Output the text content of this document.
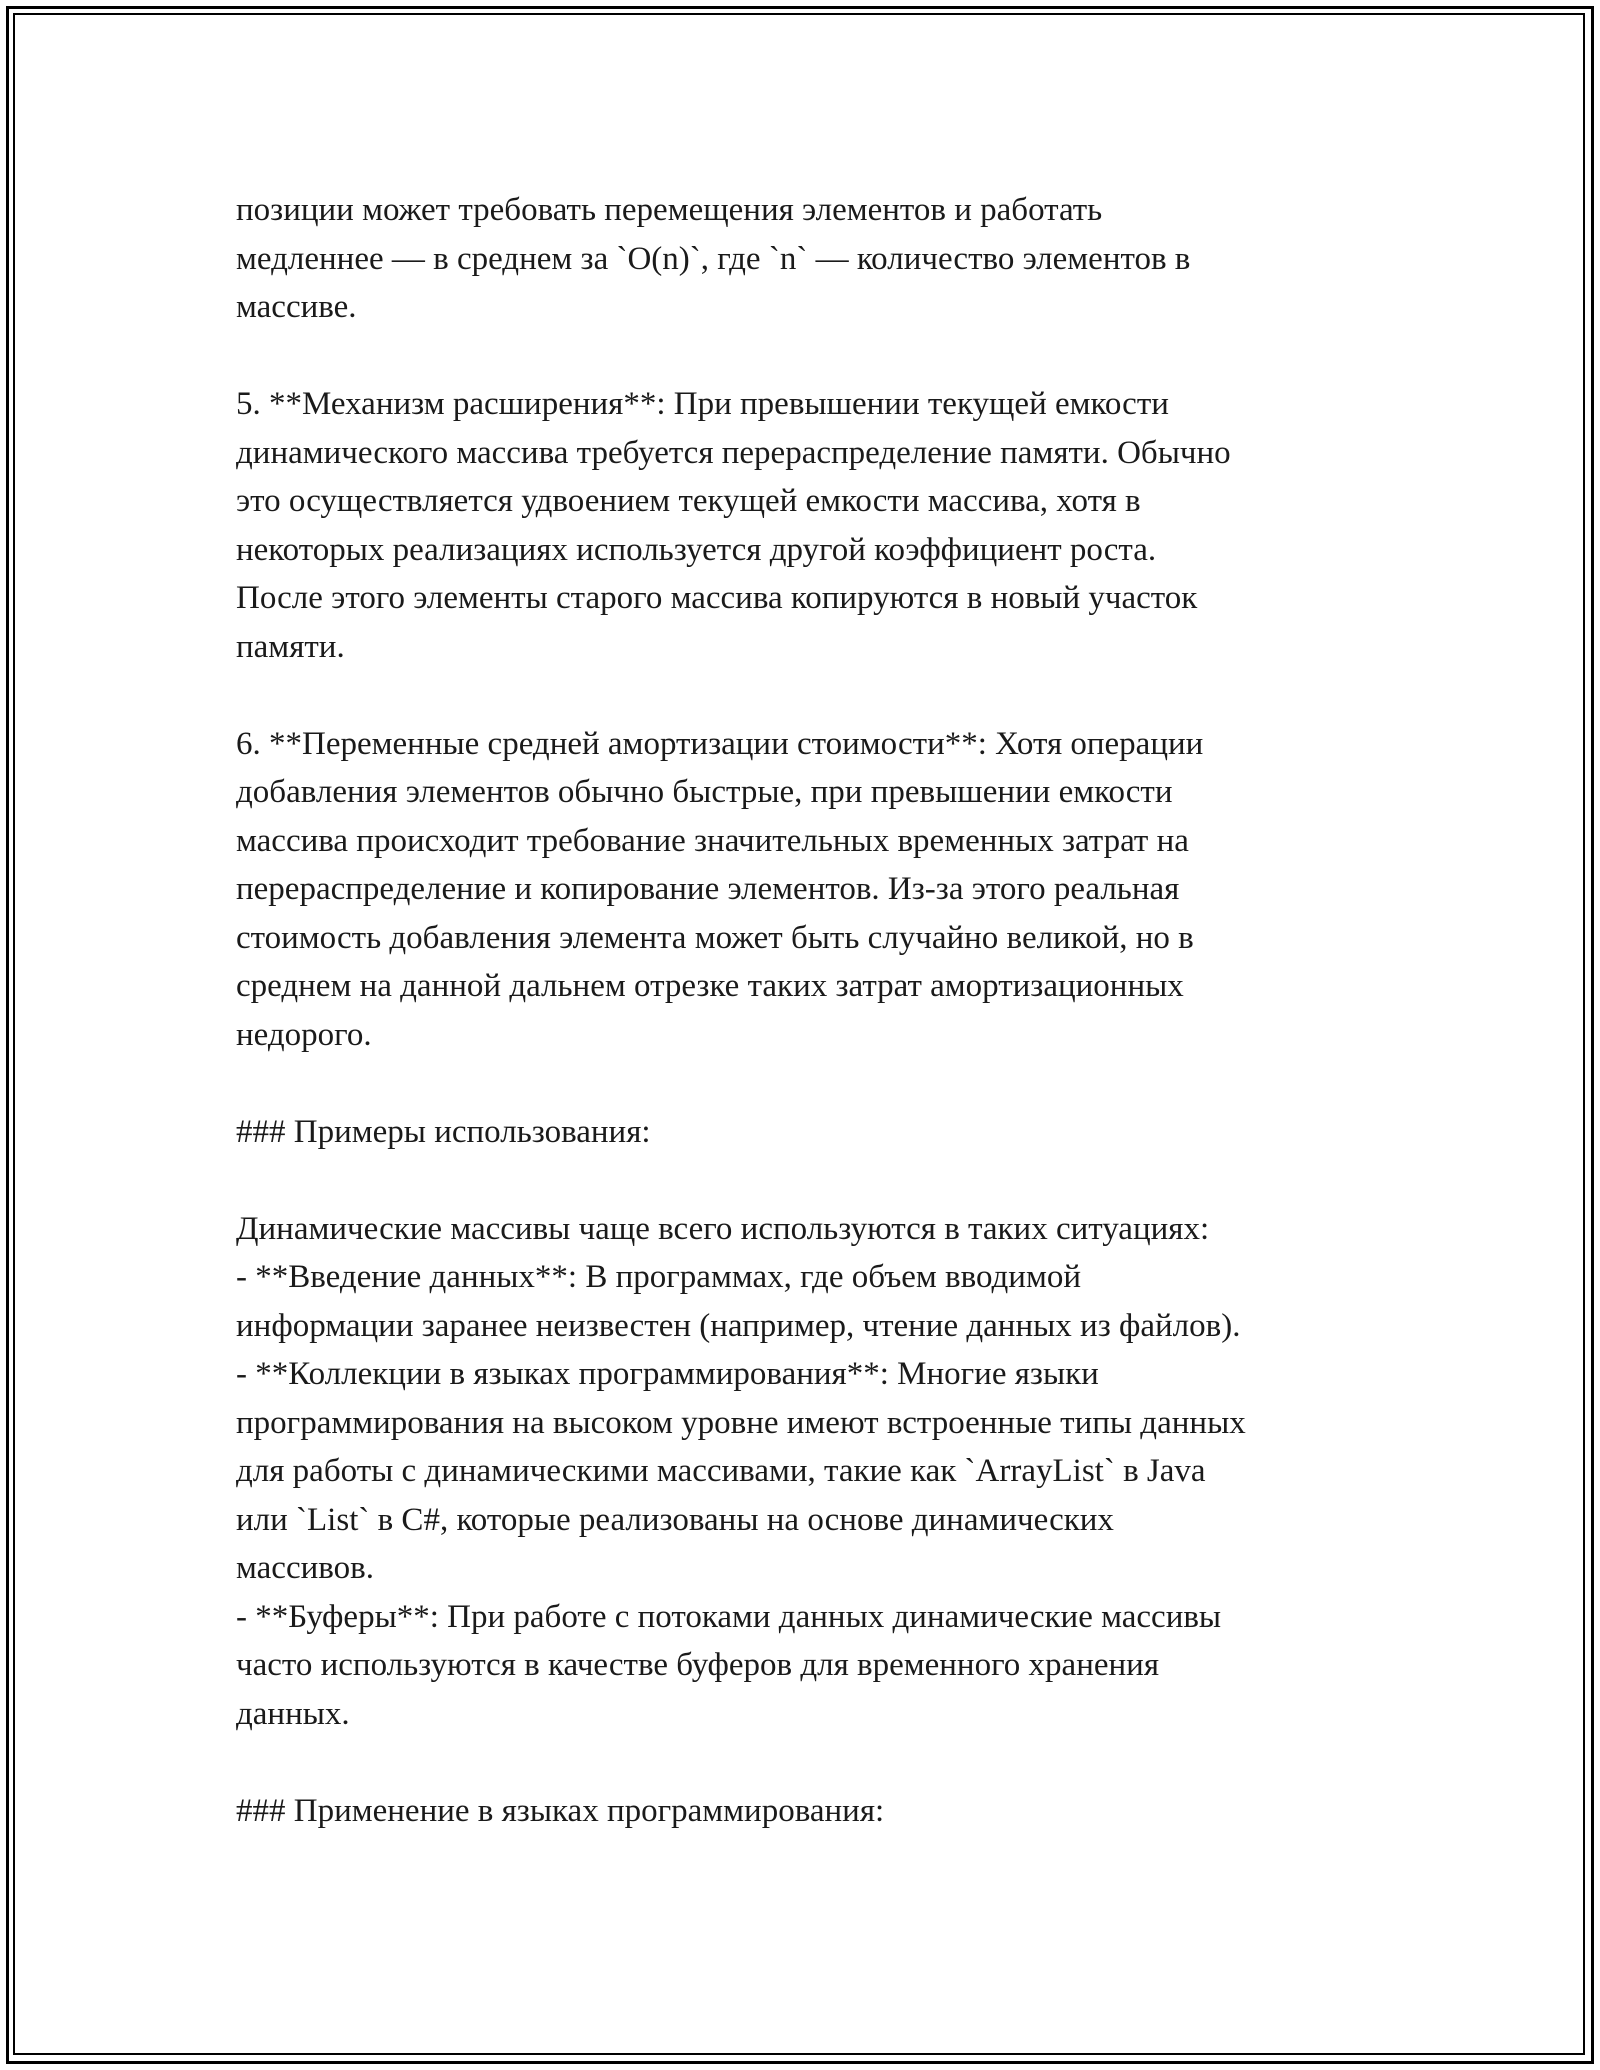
позиции может требовать перемещения элементов и работать
медленнее — в среднем за `O(n)`, где `n` — количество элементов в
массиве.
5. **Механизм расширения**: При превышении текущей емкости
динамического массива требуется перераспределение памяти. Обычно
это осуществляется удвоением текущей емкости массива, хотя в
некоторых реализациях используется другой коэффициент роста.
После этого элементы старого массива копируются в новый участок
памяти.
6. **Переменные средней амортизации стоимости**: Хотя операции
добавления элементов обычно быстрые, при превышении емкости
массива происходит требование значительных временных затрат на
перераспределение и копирование элементов. Из-за этого реальная
стоимость добавления элемента может быть случайно великой, но в
среднем на данной дальнем отрезке таких затрат амортизационных
недорого.
### Примеры использования:
Динамические массивы чаще всего используются в таких ситуациях:
- **Введение данных**: В программах, где объем вводимой
информации заранее неизвестен (например, чтение данных из файлов).
- **Коллекции в языках программирования**: Многие языки
программирования на высоком уровне имеют встроенные типы данных
для работы с динамическими массивами, такие как `ArrayList` в Java
или `List` в C#, которые реализованы на основе динамических
массивов.
- **Буферы**: При работе с потоками данных динамические массивы
часто используются в качестве буферов для временного хранения
данных.
### Применение в языках программирования:
